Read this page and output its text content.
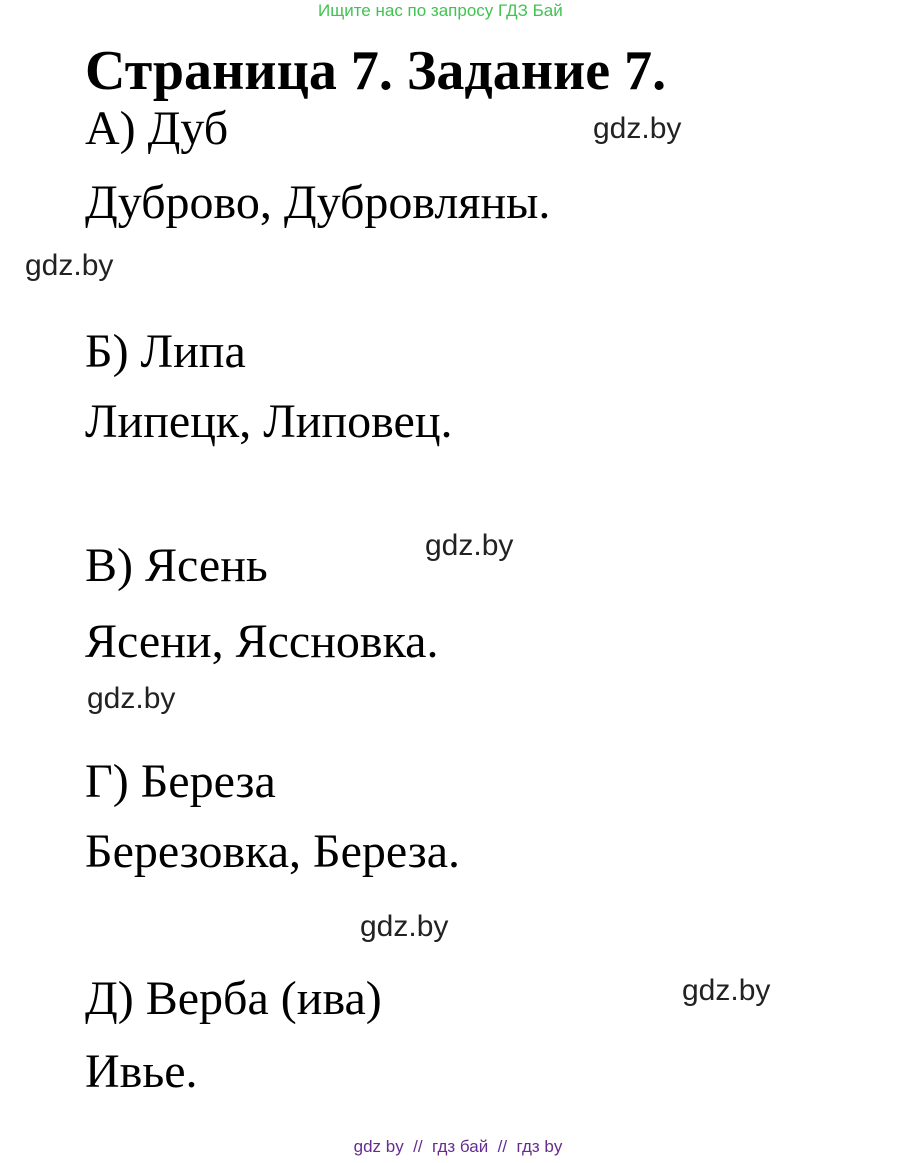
Ищите нас по запросу ГДЗ Бай
Страница 7. Задание 7.
А) Дуб
Дуброво, Дубровляны.
Б) Липа
Липецк, Липовец.
В) Ясень
Ясени, Яссновка.
Г) Береза
Березовка, Береза.
Д) Верба (ива)
Ивье.
gdz.by
gdz.by
gdz.by
gdz.by
gdz.by
gdz.by
gdz by  //  гдз бай  //  гдз by
